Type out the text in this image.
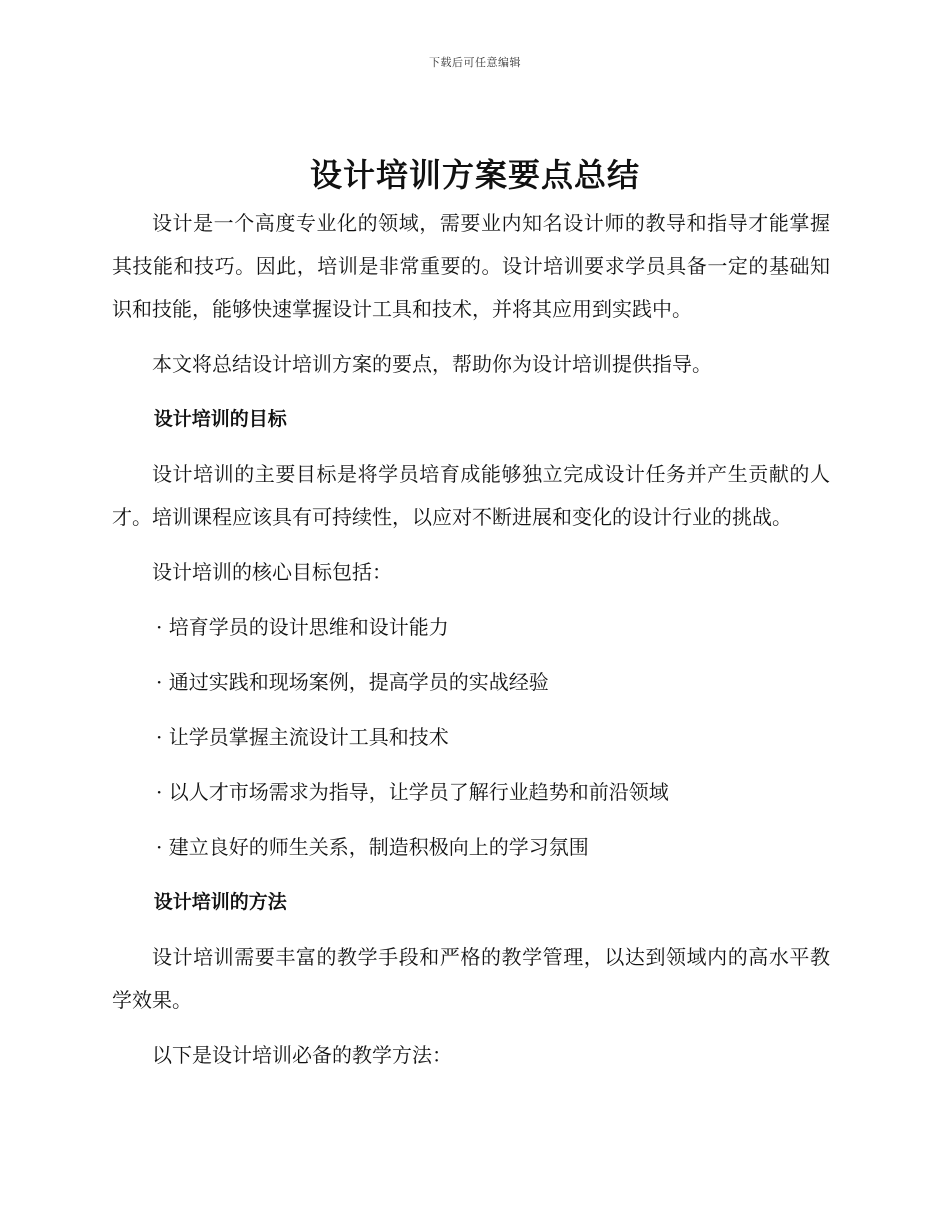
下载后可任意编辑
设计培训方案要点总结

设计是一个高度专业化的领域，需要业内知名设计师的教导和指导才能掌握其技能和技巧。因此，培训是非常重要的。设计培训要求学员具备一定的基础知识和技能，能够快速掌握设计工具和技术，并将其应用到实践中。

本文将总结设计培训方案的要点，帮助你为设计培训提供指导。

设计培训的目标

设计培训的主要目标是将学员培育成能够独立完成设计任务并产生贡献的人才。培训课程应该具有可持续性，以应对不断进展和变化的设计行业的挑战。

设计培训的核心目标包括：

· 培育学员的设计思维和设计能力

· 通过实践和现场案例，提高学员的实战经验

· 让学员掌握主流设计工具和技术

· 以人才市场需求为指导，让学员了解行业趋势和前沿领域

· 建立良好的师生关系，制造积极向上的学习氛围

设计培训的方法

设计培训需要丰富的教学手段和严格的教学管理，以达到领域内的高水平教学效果。

以下是设计培训必备的教学方法：
